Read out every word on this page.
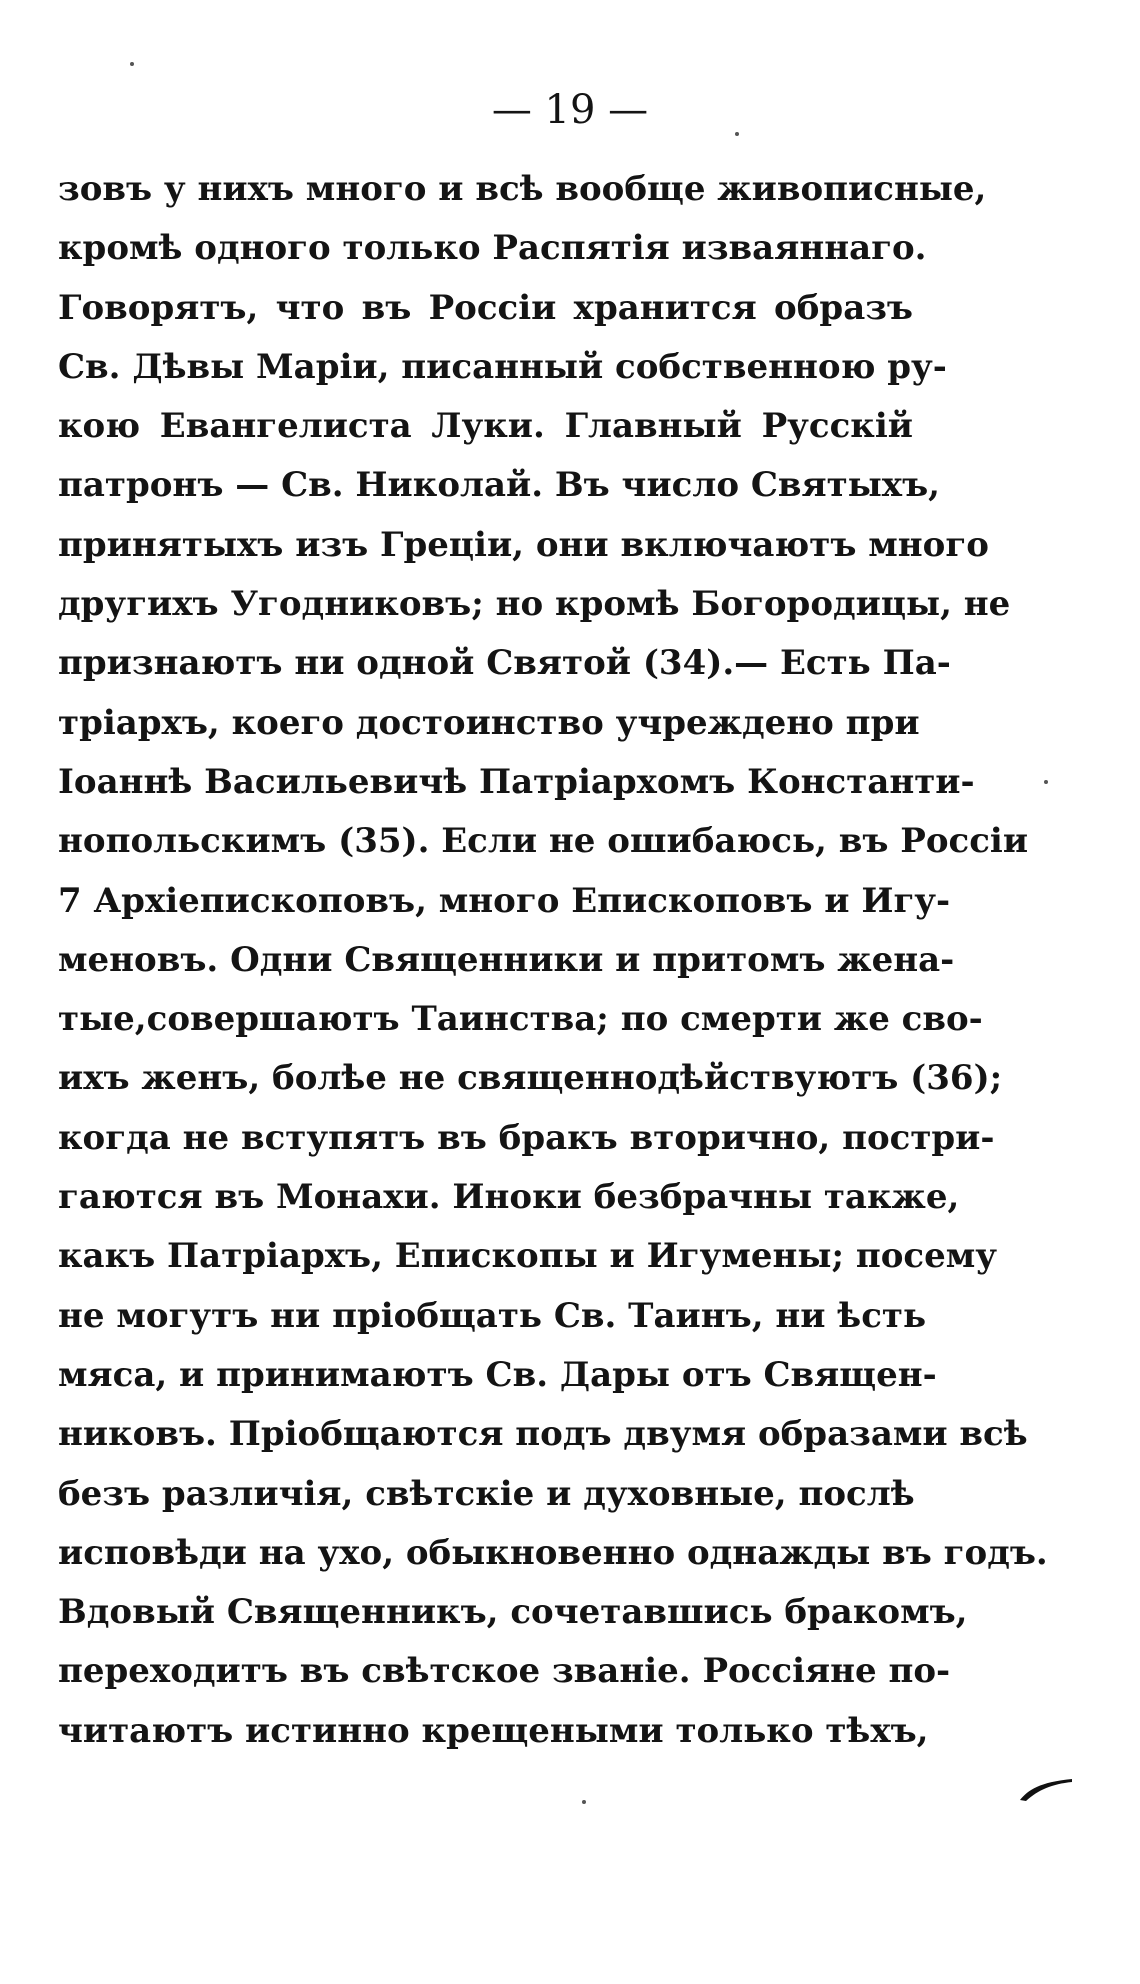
— 19 —
зовъ у нихъ много и всѣ вообще живописные,
кромѣ одного только Распятія изваяннаго.
Говорятъ, что въ Россіи хранится образъ
Св. Дѣвы Маріи, писанный собственною ру-
кою Евангелиста Луки. Главный Русскій
патронъ — Св. Николай. Въ число Святыхъ,
принятыхъ изъ Греціи, они включаютъ много
другихъ Угодниковъ; но кромѣ Богородицы, не
признаютъ ни одной Святой (34).— Есть Па-
тріархъ, коего достоинство учреждено при
Іоаннѣ Васильевичѣ Патріархомъ Константи-
нопольскимъ (35). Если не ошибаюсь, въ Россіи
7 Архіепископовъ, много Епископовъ и Игу-
меновъ. Одни Священники и притомъ жена-
тые,совершаютъ Таинства; по смерти же сво-
ихъ женъ, болѣе не священнодѣйствуютъ (36);
когда не вступятъ въ бракъ вторично, постри-
гаются въ Монахи. Иноки безбрачны также,
какъ Патріархъ, Епископы и Игумены; посему
не могутъ ни пріобщать Св. Таинъ, ни ѣсть
мяса, и принимаютъ Св. Дары отъ Священ-
никовъ. Пріобщаются подъ двумя образами всѣ
безъ различія, свѣтскіе и духовные, послѣ
исповѣди на ухо, обыкновенно однажды въ годъ.
Вдовый Священникъ, сочетавшись бракомъ,
переходитъ въ свѣтское званіе. Россіяне по-
читаютъ истинно крещеными только тѣхъ,
